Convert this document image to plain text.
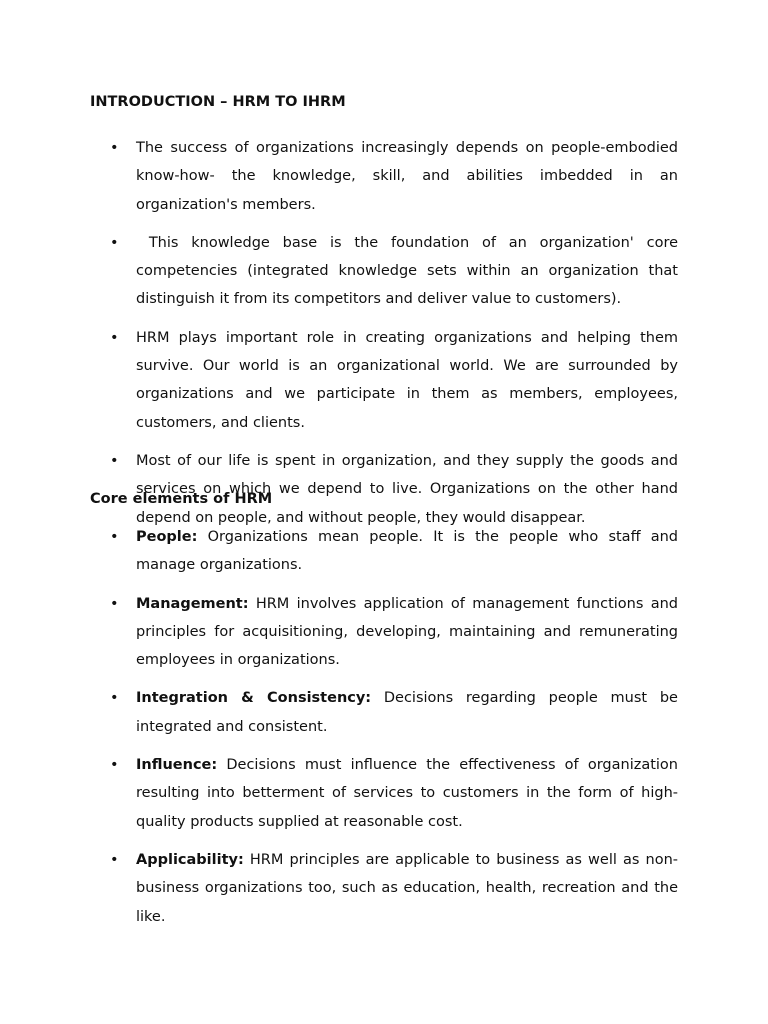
INTRODUCTION – HRM TO IHRM
• The success of organizations increasingly depends on people-embodied know-how- the knowledge, skill, and abilities imbedded in an organization's members.
• This knowledge base is the foundation of an organization' core competencies (integrated knowledge sets within an organization that distinguish it from its competitors and deliver value to customers).
• HRM plays important role in creating organizations and helping them survive. Our world is an organizational world. We are surrounded by organizations and we participate in them as members, employees, customers, and clients.
• Most of our life is spent in organization, and they supply the goods and services on which we depend to live. Organizations on the other hand depend on people, and without people, they would disappear.
Core elements of HRM
• People: Organizations mean people. It is the people who staff and manage organizations.
• Management: HRM involves application of management functions and principles for acquisitioning, developing, maintaining and remunerating employees in organizations.
• Integration & Consistency: Decisions regarding people must be integrated and consistent.
• Influence: Decisions must influence the effectiveness of organization resulting into betterment of services to customers in the form of high-quality products supplied at reasonable cost.
• Applicability: HRM principles are applicable to business as well as non-business organizations too, such as education, health, recreation and the like.
